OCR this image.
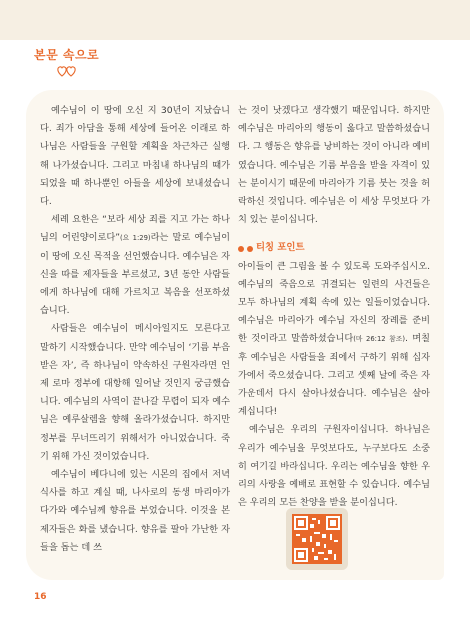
본문 속으로

예수님이 이 땅에 오신 지 30년이 지났습니다. 죄가 아담을 통해 세상에 들어온 이래로 하나님은 사람들을 구원할 계획을 차근차근 실행해 나가셨습니다. 그리고 마침내 하나님의 때가 되었을 때 하나뿐인 아들을 세상에 보내셨습니다.

세례 요한은 “보라 세상 죄를 지고 가는 하나님의 어린양이로다”(요 1:29)라는 말로 예수님이 이 땅에 오신 목적을 선언했습니다. 예수님은 자신을 따를 제자들을 부르셨고, 3년 동안 사람들에게 하나님에 대해 가르치고 복음을 선포하셨습니다.

사람들은 예수님이 메시아일지도 모른다고 말하기 시작했습니다. 만약 예수님이 ‘기름 부음 받은 자’, 즉 하나님이 약속하신 구원자라면 언제 로마 정부에 대항해 일어날 것인지 궁금했습니다. 예수님의 사역이 끝나갈 무렵이 되자 예수님은 예루살렘을 향해 올라가셨습니다. 하지만 정부를 무너뜨리기 위해서가 아니었습니다. 죽기 위해 가신 것이었습니다.

예수님이 베다니에 있는 시몬의 집에서 저녁 식사를 하고 계실 때, 나사로의 동생 마리아가 다가와 예수님께 향유를 부었습니다. 이것을 본 제자들은 화를 냈습니다. 향유를 팔아 가난한 자들을 돕는 데 쓰

는 것이 낫겠다고 생각했기 때문입니다. 하지만 예수님은 마리아의 행동이 옳다고 말씀하셨습니다. 그 행동은 향유를 낭비하는 것이 아니라 예비였습니다. 예수님은 기름 부음을 받을 자격이 있는 분이시기 때문에 마리아가 기름 붓는 것을 허락하신 것입니다. 예수님은 이 세상 무엇보다 가치 있는 분이십니다.

티칭 포인트

아이들이 큰 그림을 볼 수 있도록 도와주십시오. 예수님의 죽음으로 귀결되는 일련의 사건들은 모두 하나님의 계획 속에 있는 일들이었습니다. 예수님은 마리아가 예수님 자신의 장례를 준비한 것이라고 말씀하셨습니다(마 26:12 참조). 며칠 후 예수님은 사람들을 죄에서 구하기 위해 십자가에서 죽으셨습니다. 그리고 셋째 날에 죽은 자 가운데서 다시 살아나셨습니다. 예수님은 살아 계십니다!

예수님은 우리의 구원자이십니다. 하나님은 우리가 예수님을 무엇보다도, 누구보다도 소중히 여기길 바라십니다. 우리는 예수님을 향한 우리의 사랑을 예배로 표현할 수 있습니다. 예수님은 우리의 모든 찬양을 받을 분이십니다.

16
